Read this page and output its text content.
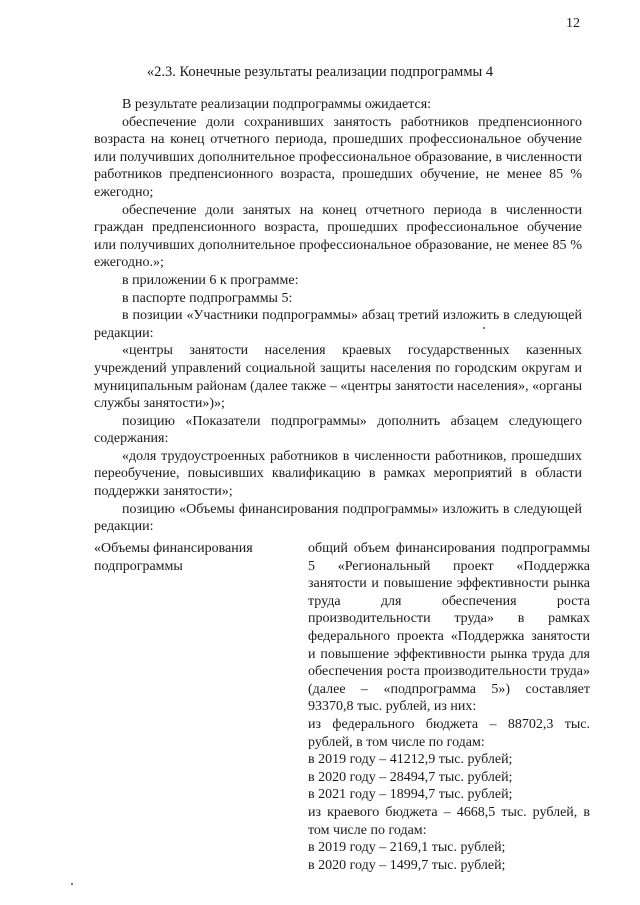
12
«2.3. Конечные результаты реализации подпрограммы 4

В результате реализации подпрограммы ожидается:

обеспечение доли сохранивших занятость работников предпенсионного возраста на конец отчетного периода, прошедших профессиональное обучение или получивших дополнительное профессиональное образование, в численности работников предпенсионного возраста, прошедших обучение, не менее 85 % ежегодно;

обеспечение доли занятых на конец отчетного периода в численности граждан предпенсионного возраста, прошедших профессиональное обучение или получивших дополнительное профессиональное образование, не менее 85 % ежегодно.»;

в приложении 6 к программе:

в паспорте подпрограммы 5:

в позиции «Участники подпрограммы» абзац третий изложить в следующей редакции:

«центры занятости населения краевых государственных казенных учреждений управлений социальной защиты населения по городским округам и муниципальным районам (далее также – «центры занятости населения», «органы службы занятости»)»;

позицию «Показатели подпрограммы» дополнить абзацем следующего содержания:

«доля трудоустроенных работников в численности работников, прошедших переобучение, повысивших квалификацию в рамках мероприятий в области поддержки занятости»;

позицию «Объемы финансирования подпрограммы» изложить в следующей редакции:

«Объемы финансирования подпрограммы

общий объем финансирования подпрограммы 5 «Региональный проект «Поддержка занятости и повышение эффективности рынка труда для обеспечения роста производительности труда» в рамках федерального проекта «Поддержка занятости и повышение эффективности рынка труда для обеспечения роста производительности труда» (далее – «подпрограмма 5») составляет 93370,8 тыс. рублей, из них:

из федерального бюджета – 88702,3 тыс. рублей, в том числе по годам:

в 2019 году – 41212,9 тыс. рублей;

в 2020 году – 28494,7 тыс. рублей;

в 2021 году – 18994,7 тыс. рублей;

из краевого бюджета – 4668,5 тыс. рублей, в том числе по годам:

в 2019 году – 2169,1 тыс. рублей;

в 2020 году – 1499,7 тыс. рублей;
